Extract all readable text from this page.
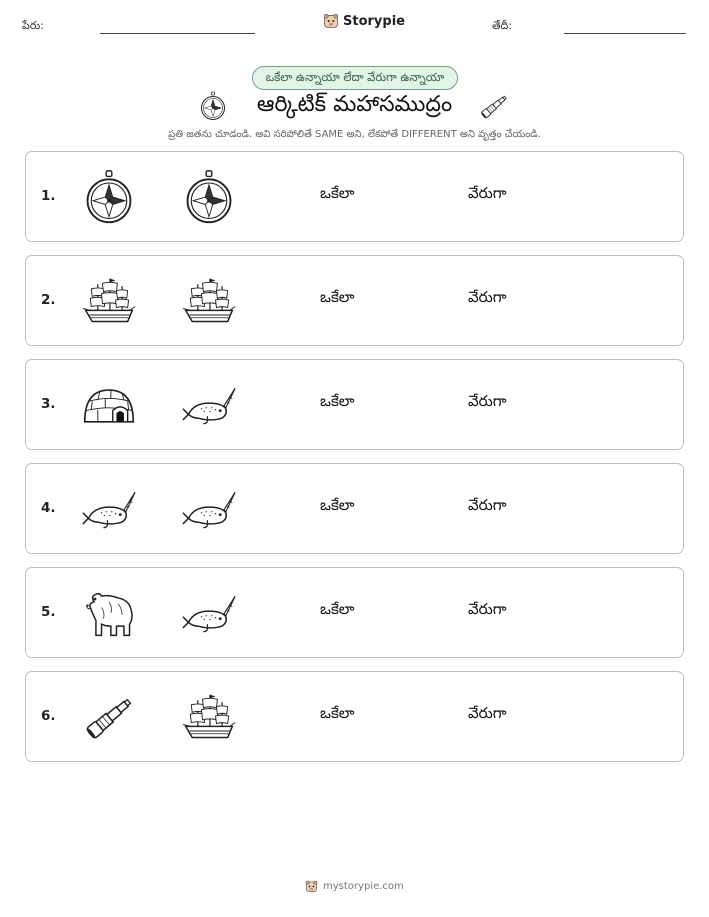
పేరు:	Storypie	తేదీ:
ఒకేలా ఉన్నాయా లేదా వేరుగా ఉన్నాయా
ఆర్కిటిక్ మహాసముద్రం
ప్రతి జతను చూడండి. అవి సరిపోలితే SAME అని, లేకపోతే DIFFERENT అని వృత్తం చేయండి.
1.	ఒకేలా	వేరుగా
2.	ఒకేలా	వేరుగా
3.	ఒకేలా	వేరుగా
4.	ఒకేలా	వేరుగా
5.	ఒకేలా	వేరుగా
6.	ఒకేలా	వేరుగా
mystorypie.com
